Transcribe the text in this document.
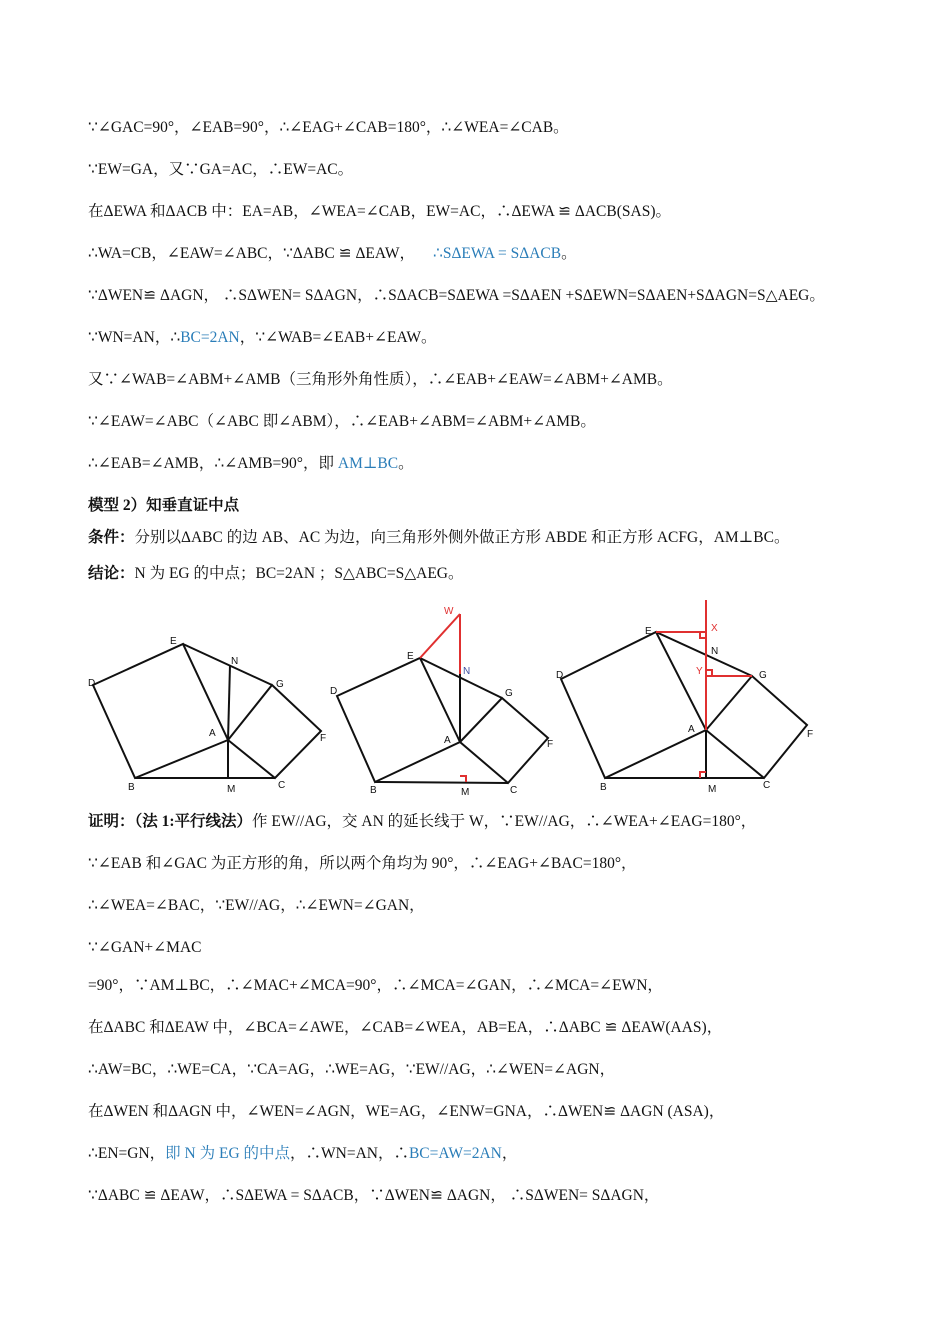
∵∠GAC=90°，∠EAB=90°，∴∠EAG+∠CAB=180°，∴∠WEA=∠CAB。
∵EW=GA，又∵GA=AC，∴EW=AC。
在ΔEWA 和ΔACB 中：EA=AB，∠WEA=∠CAB，EW=AC，∴ΔEWA ≌ ΔACB(SAS)。
∴WA=CB，∠EAW=∠ABC，∵ΔABC ≌ ΔEAW， ∴SΔEWA = SΔACB。
∵ΔWEN≌ ΔAGN， ∴SΔWEN= SΔAGN，∴SΔACB=SΔEWA =SΔAEN +SΔEWN=SΔAEN+SΔAGN=S△AEG。
∵WN=AN，∴BC=2AN，∵∠WAB=∠EAB+∠EAW。
又∵∠WAB=∠ABM+∠AMB（三角形外角性质），∴∠EAB+∠EAW=∠ABM+∠AMB。
∵∠EAW=∠ABC（∠ABC 即∠ABM），∴∠EAB+∠ABM=∠ABM+∠AMB。
∴∠EAB=∠AMB，∴∠AMB=90°，即 AM⊥BC。
模型 2）知垂直证中点
条件：分别以ΔABC 的边 AB、AC 为边，向三角形外侧外做正方形 ABDE 和正方形 ACFG，AM⊥BC。
结论：N 为 EG 的中点；BC=2AN ；S△ABC=S△AEG。
E
N
G
D
A	F
B	M	C
W
E
N
G
D
A	F
B	M	C
E	X
N
Y	G
D
A	F
B	M	C
证明：（法 1:平行线法）作 EW//AG，交 AN 的延长线于 W，∵EW//AG，∴∠WEA+∠EAG=180°，
∵∠EAB 和∠GAC 为正方形的角，所以两个角均为 90°，∴∠EAG+∠BAC=180°，
∴∠WEA=∠BAC，∵EW//AG，∴∠EWN=∠GAN，
∵∠GAN+∠MAC
=90°，∵AM⊥BC，∴∠MAC+∠MCA=90°，∴∠MCA=∠GAN，∴∠MCA=∠EWN，
在ΔABC 和ΔEAW 中，∠BCA=∠AWE，∠CAB=∠WEA，AB=EA，∴ΔABC ≌ ΔEAW(AAS)，
∴AW=BC，∴WE=CA，∵CA=AG，∴WE=AG，∵EW//AG，∴∠WEN=∠AGN，
在ΔWEN 和ΔAGN 中，∠WEN=∠AGN，WE=AG，∠ENW=GNA，∴ΔWEN≌ ΔAGN (ASA)，
∴EN=GN，即 N 为 EG 的中点，∴WN=AN，∴BC=AW=2AN，
∵ΔABC ≌ ΔEAW，∴SΔEWA = SΔACB，∵ΔWEN≌ ΔAGN， ∴SΔWEN= SΔAGN，
